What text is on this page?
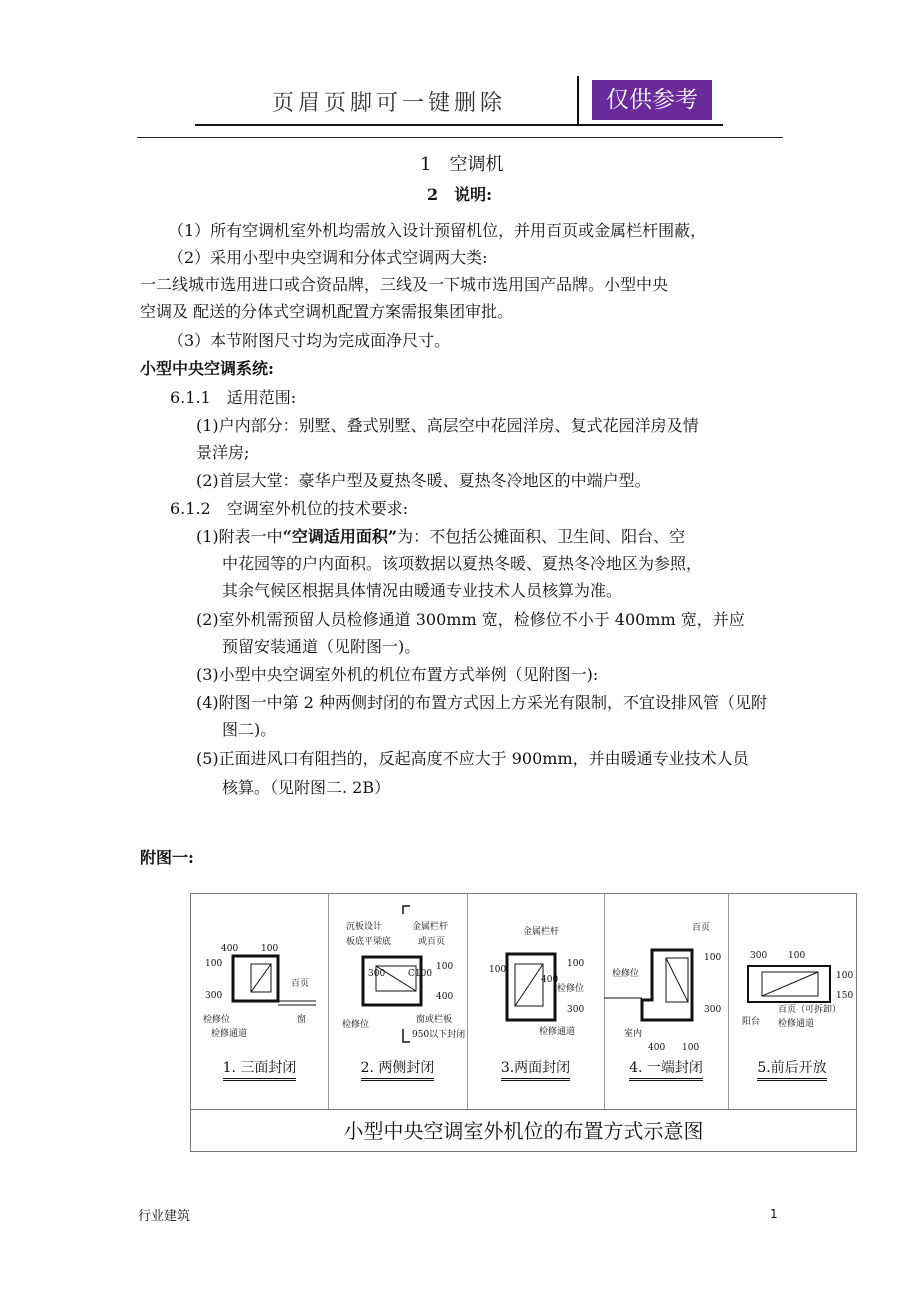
页眉页脚可一键删除	仅供参考
1　空调机
2　说明:
（1）所有空调机室外机均需放入设计预留机位，并用百页或金属栏杆围蔽，
（2）采用小型中央空调和分体式空调两大类:
一二线城市选用进口或合资品牌，三线及一下城市选用国产品牌。小型中央
空调及 配送的分体式空调机配置方案需报集团审批。
（3）本节附图尺寸均为完成面净尺寸。
小型中央空调系统:
6.1.1　适用范围:
(1)户内部分：别墅、叠式别墅、高层空中花园洋房、复式花园洋房及情
景洋房;
(2)首层大堂：豪华户型及夏热冬暖、夏热冬冷地区的中端户型。
6.1.2　空调室外机位的技术要求:
(1)附表一中“空调适用面积”为：不包括公摊面积、卫生间、阳台、空
中花园等的户内面积。该项数据以夏热冬暖、夏热冬冷地区为参照，
其余气候区根据具体情况由暖通专业技术人员核算为准。
(2)室外机需预留人员检修通道 300mm 宽，检修位不小于 400mm 宽，并应
预留安装通道（见附图一)。
(3)小型中央空调室外机的机位布置方式举例（见附图一):
(4)附图一中第 2 种两侧封闭的布置方式因上方采光有限制，不宜设排风管（见附
图二)。
(5)正面进风口有阻挡的，反起高度不应大于 900mm，并由暖通专业技术人员
核算。（见附图二. 2B）
附图一:
400	100
100
300
百页
检修位
检修通道
窗
1. 三面封闭
沉板设计
板底平梁底
金属栏杆
或百页
300	C100
100
400
检修位	窗或栏板
950以下封闭
2. 两侧封闭
金属栏杆
100
100
400
检修位
300
检修通道
3.两面封闭
百页
检修位
室内
400 100
100
300
4. 一端封闭
300 100
100
150
百页（可拆卸）
阳台 检修通道
5.前后开放
小型中央空调室外机位的布置方式示意图
行业建筑	1
